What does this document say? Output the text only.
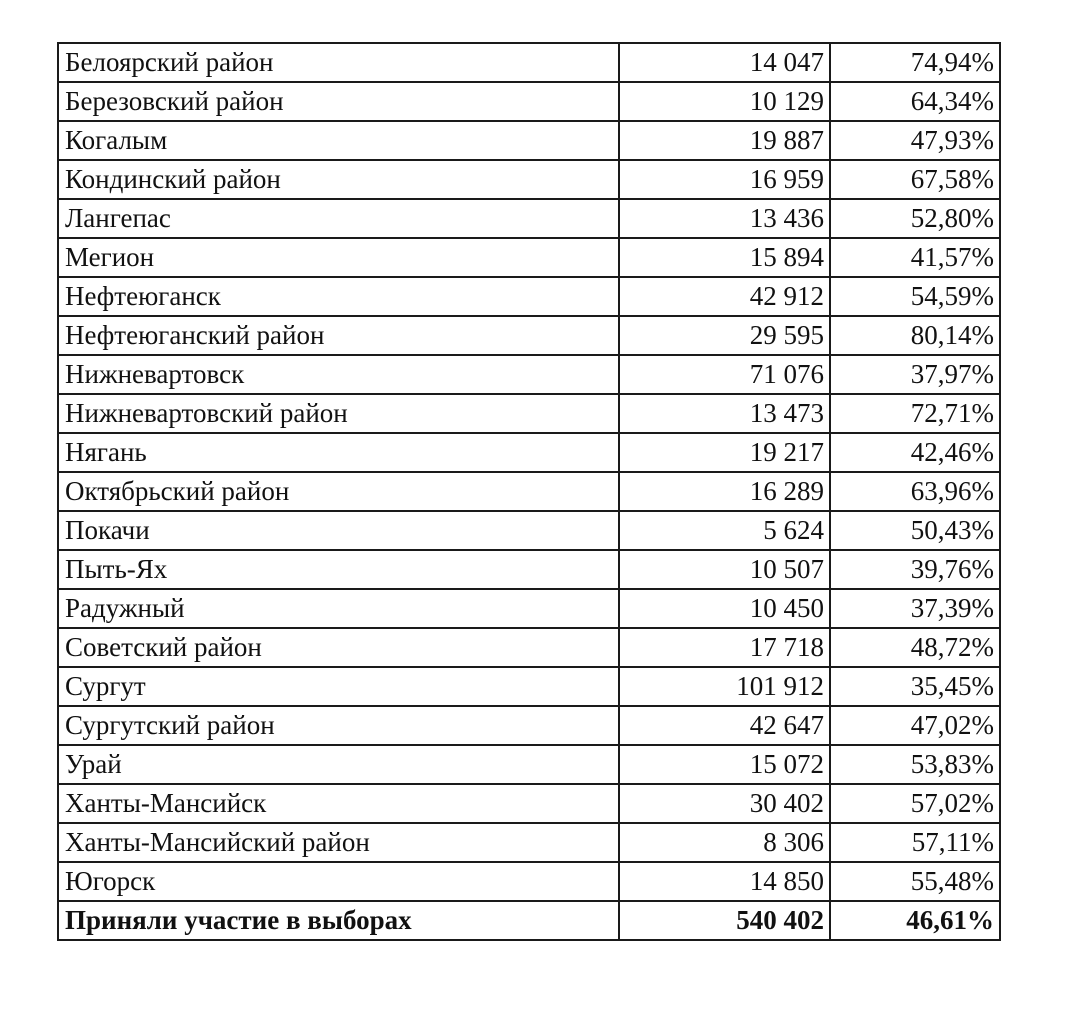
Белоярский район	14 047	74,94%
Березовский район	10 129	64,34%
Когалым	19 887	47,93%
Кондинский район	16 959	67,58%
Лангепас	13 436	52,80%
Мегион	15 894	41,57%
Нефтеюганск	42 912	54,59%
Нефтеюганский район	29 595	80,14%
Нижневартовск	71 076	37,97%
Нижневартовский район	13 473	72,71%
Нягань	19 217	42,46%
Октябрьский район	16 289	63,96%
Покачи	5 624	50,43%
Пыть-Ях	10 507	39,76%
Радужный	10 450	37,39%
Советский район	17 718	48,72%
Сургут	101 912	35,45%
Сургутский район	42 647	47,02%
Урай	15 072	53,83%
Ханты-Мансийск	30 402	57,02%
Ханты-Мансийский район	8 306	57,11%
Югорск	14 850	55,48%
Приняли участие в выборах	540 402	46,61%
